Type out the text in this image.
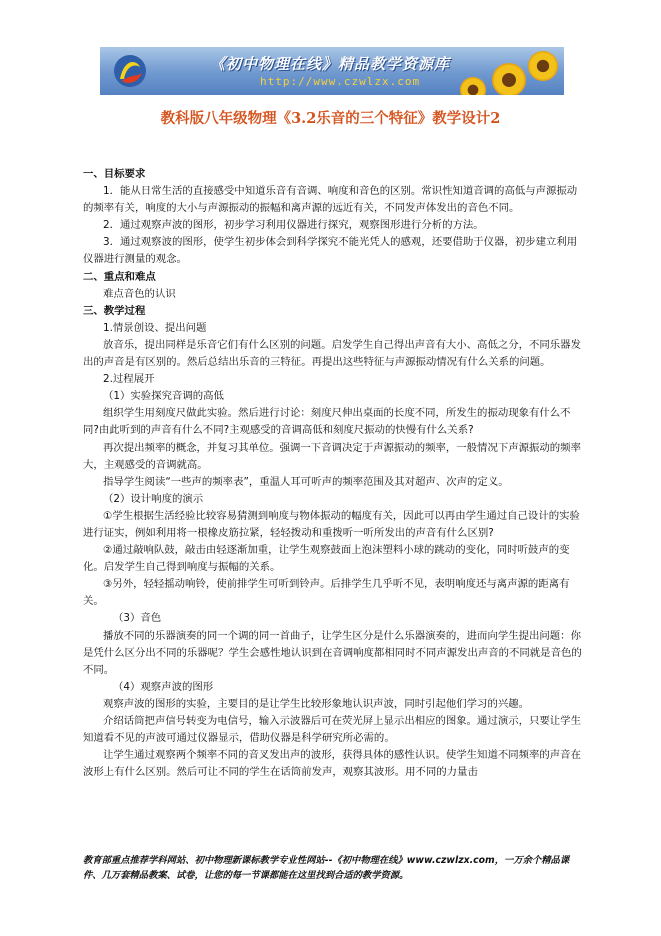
《初中物理在线》精品教学资源库
http://www.czwlzx.com
教科版八年级物理《3.2乐音的三个特征》教学设计2

一、目标要求

1．能从日常生活的直接感受中知道乐音有音调、响度和音色的区别。常识性知道音调的高低与声源振动的频率有关，响度的大小与声源振动的振幅和离声源的远近有关，不同发声体发出的音色不同。

2．通过观察声波的图形，初步学习利用仪器进行探究，观察图形进行分析的方法。

3．通过观察波的图形，使学生初步体会到科学探究不能光凭人的感观，还要借助于仪器，初步建立利用仪器进行测量的观念。

二、重点和难点

难点音色的认识

三、教学过程

1.情景创设、提出问题

放音乐，提出同样是乐音它们有什么区别的问题。启发学生自己得出声音有大小、高低之分，不同乐器发出的声音是有区别的。然后总结出乐音的三特征。再提出这些特征与声源振动情况有什么关系的问题。

2.过程展开

（1）实验探究音调的高低

组织学生用刻度尺做此实验。然后进行讨论：刻度尺伸出桌面的长度不同，所发生的振动现象有什么不同?由此听到的声音有什么不同?主观感受的音调高低和刻度尺振动的快慢有什么关系?

再次提出频率的概念，并复习其单位。强调一下音调决定于声源振动的频率，一般情况下声源振动的频率大，主观感受的音调就高。

指导学生阅读“一些声的频率表”，重温人耳可听声的频率范围及其对超声、次声的定义。

（2）设计响度的演示

①学生根据生活经验比较容易猜测到响度与物体振动的幅度有关，因此可以再由学生通过自己设计的实验进行证实，例如利用将一根橡皮筋拉紧，轻轻拨动和重拨听一听所发出的声音有什么区别?

②通过敲响队鼓，敲击由轻逐渐加重，让学生观察鼓面上泡沫塑料小球的跳动的变化，同时听鼓声的变化。启发学生自己得到响度与振幅的关系。

③另外，轻轻摇动响铃，使前排学生可听到铃声。后排学生几乎听不见，表明响度还与离声源的距离有关。

（3）音色

播放不同的乐器演奏的同一个调的同一首曲子，让学生区分是什么乐器演奏的，进而向学生提出问题：你是凭什么区分出不同的乐器呢？学生会感性地认识到在音调响度都相同时不同声源发出声音的不同就是音色的不同。

（4）观察声波的图形

观察声波的图形的实验，主要目的是让学生比较形象地认识声波，同时引起他们学习的兴趣。

介绍话筒把声信号转变为电信号，输入示波器后可在荧光屏上显示出相应的图象。通过演示，只要让学生知道看不见的声波可通过仪器显示，借助仪器是科学研究所必需的。

让学生通过观察两个频率不同的音叉发出声的波形，获得具体的感性认识。使学生知道不同频率的声音在波形上有什么区别。然后可让不同的学生在话筒前发声，观察其波形。用不同的力量击

教育部重点推荐学科网站、初中物理新课标教学专业性网站--《初中物理在线》www.czwlzx.com，一万余个精品课件、几万套精品教案、试卷，让您的每一节课都能在这里找到合适的教学资源。
